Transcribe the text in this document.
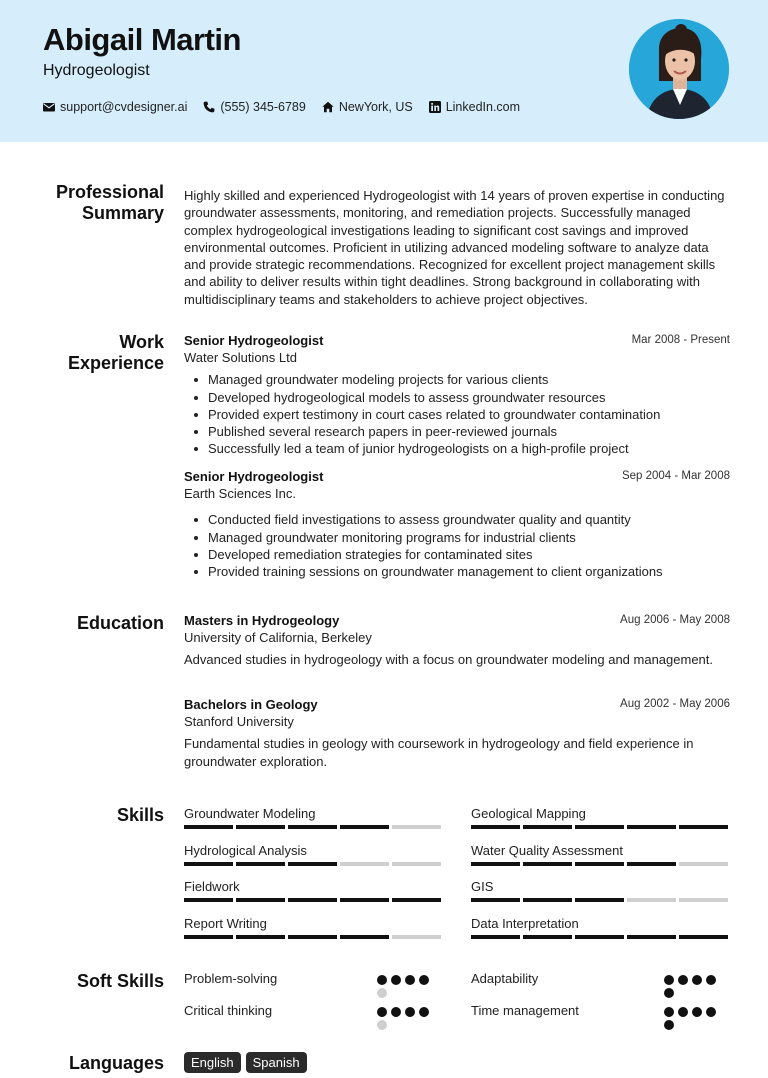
Abigail Martin
Hydrogeologist
support@cvdesigner.ai	(555) 345-6789	NewYork, US	LinkedIn.com
Professional
Summary
Highly skilled and experienced Hydrogeologist with 14 years of proven expertise in conducting groundwater assessments, monitoring, and remediation projects. Successfully managed complex hydrogeological investigations leading to significant cost savings and improved environmental outcomes. Proficient in utilizing advanced modeling software to analyze data and provide strategic recommendations. Recognized for excellent project management skills and ability to deliver results within tight deadlines. Strong background in collaborating with multidisciplinary teams and stakeholders to achieve project objectives.
Work
Experience
Senior Hydrogeologist	Mar 2008 - Present
Water Solutions Ltd
Managed groundwater modeling projects for various clients
Developed hydrogeological models to assess groundwater resources
Provided expert testimony in court cases related to groundwater contamination
Published several research papers in peer-reviewed journals
Successfully led a team of junior hydrogeologists on a high-profile project
Senior Hydrogeologist	Sep 2004 - Mar 2008
Earth Sciences Inc.
Conducted field investigations to assess groundwater quality and quantity
Managed groundwater monitoring programs for industrial clients
Developed remediation strategies for contaminated sites
Provided training sessions on groundwater management to client organizations
Education Masters in Hydrogeology	Aug 2006 - May 2008
University of California, Berkeley
Advanced studies in hydrogeology with a focus on groundwater modeling and management.
Bachelors in Geology	Aug 2002 - May 2006
Stanford University
Fundamental studies in geology with coursework in hydrogeology and field experience in groundwater exploration.
Skills Groundwater Modeling	Geological Mapping
Hydrological Analysis	Water Quality Assessment
Fieldwork	GIS
Report Writing	Data Interpretation
Soft Skills Problem-solving	Adaptability
Critical thinking	Time management
Languages	English	Spanish
